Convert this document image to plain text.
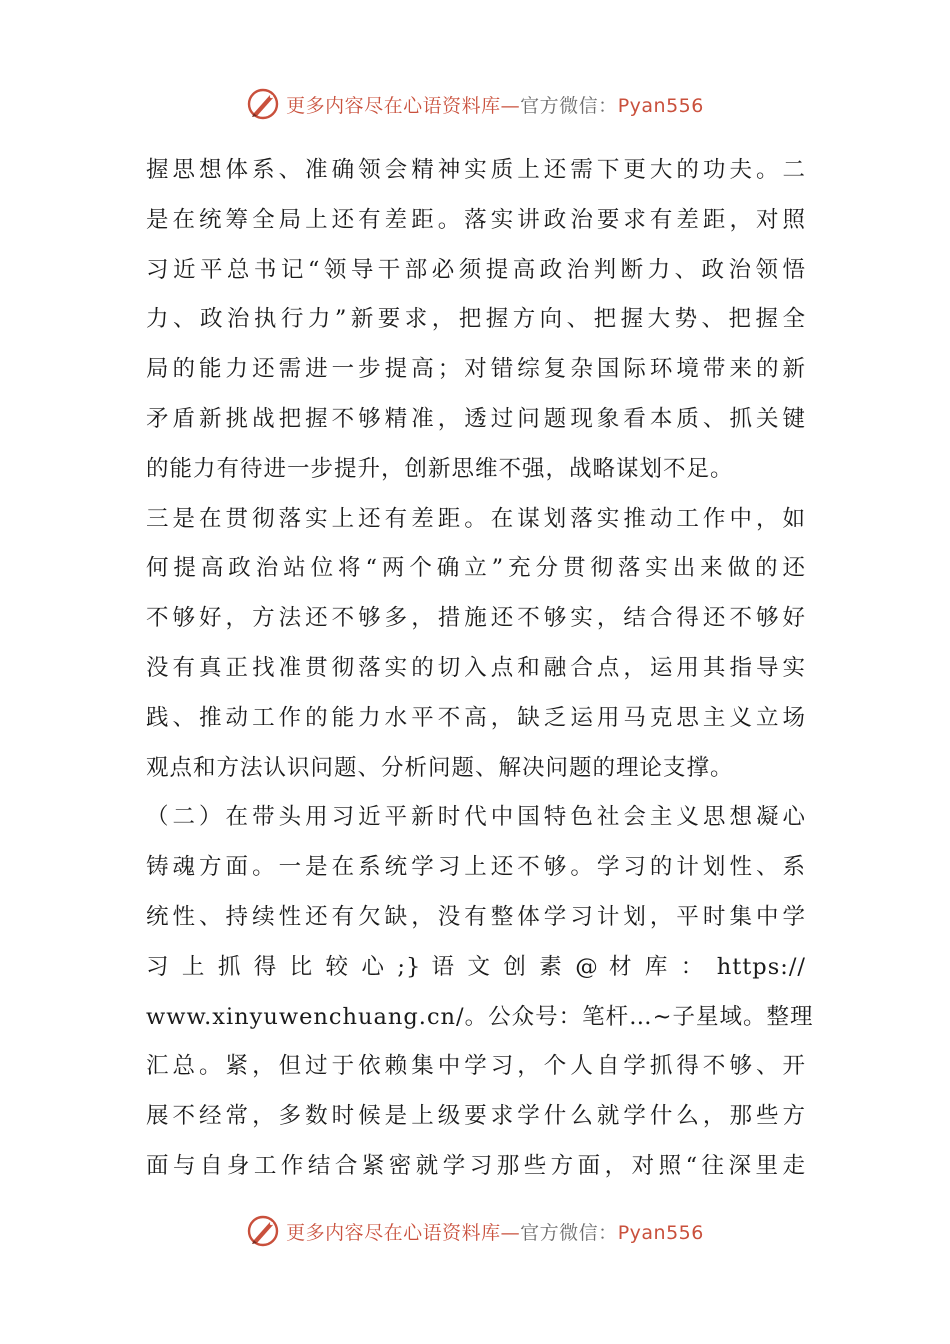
更多内容尽在心语资料库—官方微信：Pyan556
握思想体系、准确领会精神实质上还需下更大的功夫。二
是在统筹全局上还有差距。落实讲政治要求有差距，对照
习近平总书记“领导干部必须提高政治判断力、政治领悟
力、政治执行力”新要求，把握方向、把握大势、把握全
局的能力还需进一步提高；对错综复杂国际环境带来的新
矛盾新挑战把握不够精准，透过问题现象看本质、抓关键
的能力有待进一步提升，创新思维不强，战略谋划不足。
三是在贯彻落实上还有差距。在谋划落实推动工作中，如
何提高政治站位将“两个确立”充分贯彻落实出来做的还
不够好，方法还不够多，措施还不够实，结合得还不够好
没有真正找准贯彻落实的切入点和融合点，运用其指导实
践、推动工作的能力水平不高，缺乏运用马克思主义立场
观点和方法认识问题、分析问题、解决问题的理论支撑。
（二）在带头用习近平新时代中国特色社会主义思想凝心
铸魂方面。一是在系统学习上还不够。学习的计划性、系
统性、持续性还有欠缺，没有整体学习计划，平时集中学
习 上 抓 得 比 较 心 ;} 语 文 创 素 @ 材 库 ： https://
www.xinyuwenchuang.cn/。公众号：笔杆…~子星域。整理
汇总。紧，但过于依赖集中学习，个人自学抓得不够、开
展不经常，多数时候是上级要求学什么就学什么，那些方
面与自身工作结合紧密就学习那些方面，对照“往深里走
更多内容尽在心语资料库—官方微信：Pyan556
